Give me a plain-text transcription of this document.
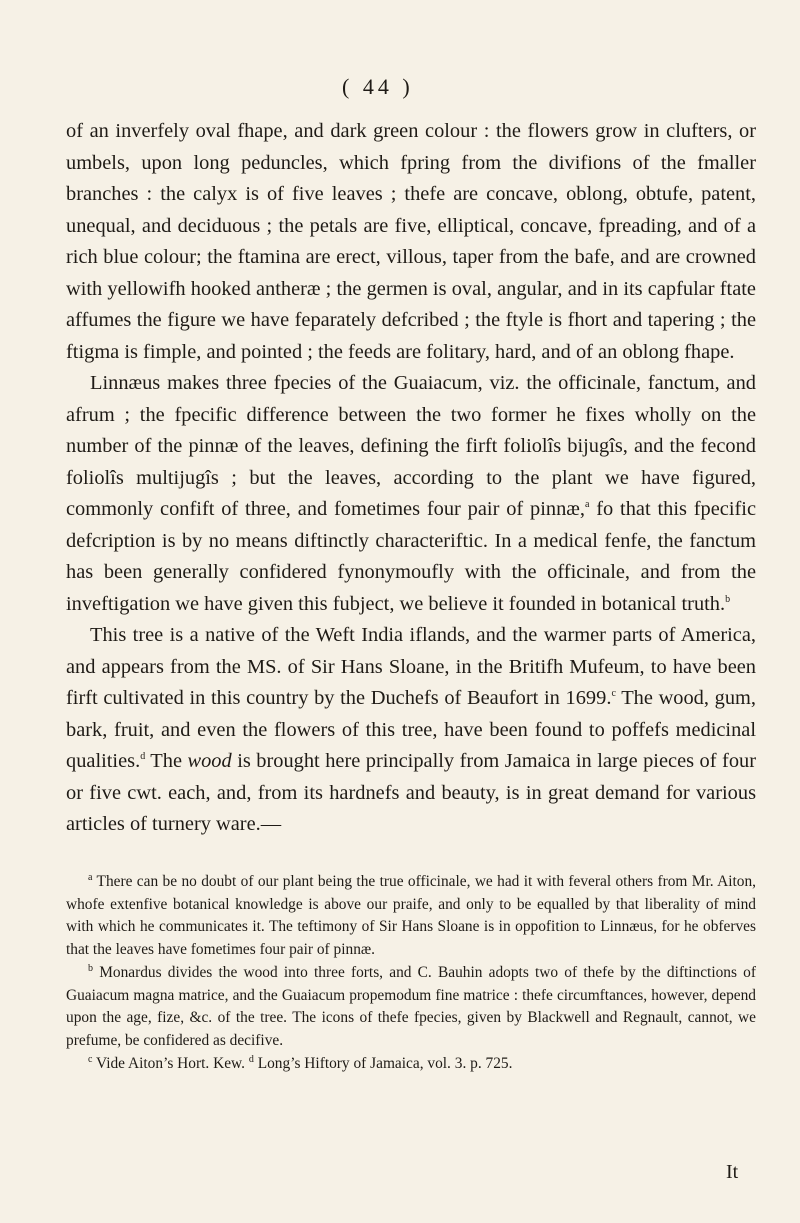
( 44 )

of an inverfely oval fhape, and dark green colour : the flowers grow in clufters, or umbels, upon long peduncles, which fpring from the divifions of the fmaller branches : the calyx is of five leaves ; thefe are concave, oblong, obtufe, patent, unequal, and deciduous ; the petals are five, elliptical, concave, fpreading, and of a rich blue colour; the ftamina are erect, villous, taper from the bafe, and are crowned with yellowifh hooked antheræ ; the germen is oval, angular, and in its capfular ftate affumes the figure we have feparately defcribed ; the ftyle is fhort and tapering ; the ftigma is fimple, and pointed ; the feeds are folitary, hard, and of an oblong fhape.

Linnæus makes three fpecies of the Guaiacum, viz. the officinale, fanctum, and afrum ; the fpecific difference between the two former he fixes wholly on the number of the pinnæ of the leaves, defining the firft foliolîs bijugîs, and the fecond foliolîs multijugîs ; but the leaves, according to the plant we have figured, commonly confift of three, and fometimes four pair of pinnæ,$^a$ fo that this fpecific defcription is by no means diftinctly characteriftic. In a medical fenfe, the fanctum has been generally confidered fynonymoufly with the officinale, and from the inveftigation we have given this fubject, we believe it founded in botanical truth.$^b$

This tree is a native of the Weft India iflands, and the warmer parts of America, and appears from the MS. of Sir Hans Sloane, in the Britifh Mufeum, to have been firft cultivated in this country by the Duchefs of Beaufort in 1699.$^c$ The wood, gum, bark, fruit, and even the flowers of this tree, have been found to poffefs medicinal qualities.$^d$ The wood is brought here principally from Jamaica in large pieces of four or five cwt. each, and, from its hardnefs and beauty, is in great demand for various articles of turnery ware.—

$^a$ There can be no doubt of our plant being the true officinale, we had it with feveral others from Mr. Aiton, whofe extenfive botanical knowledge is above our praife, and only to be equalled by that liberality of mind with which he communicates it. The teftimony of Sir Hans Sloane is in oppofition to Linnæus, for he obferves that the leaves have fometimes four pair of pinnæ.

$^b$ Monardus divides the wood into three forts, and C. Bauhin adopts two of thefe by the diftinctions of Guaiacum magna matrice, and the Guaiacum propemodum fine matrice : thefe circumftances, however, depend upon the age, fize, &c. of the tree. The icons of thefe fpecies, given by Blackwell and Regnault, cannot, we prefume, be confidered as decifive.

$^c$ Vide Aiton’s Hort. Kew. $^d$ Long’s Hiftory of Jamaica, vol. 3. p. 725.

It
